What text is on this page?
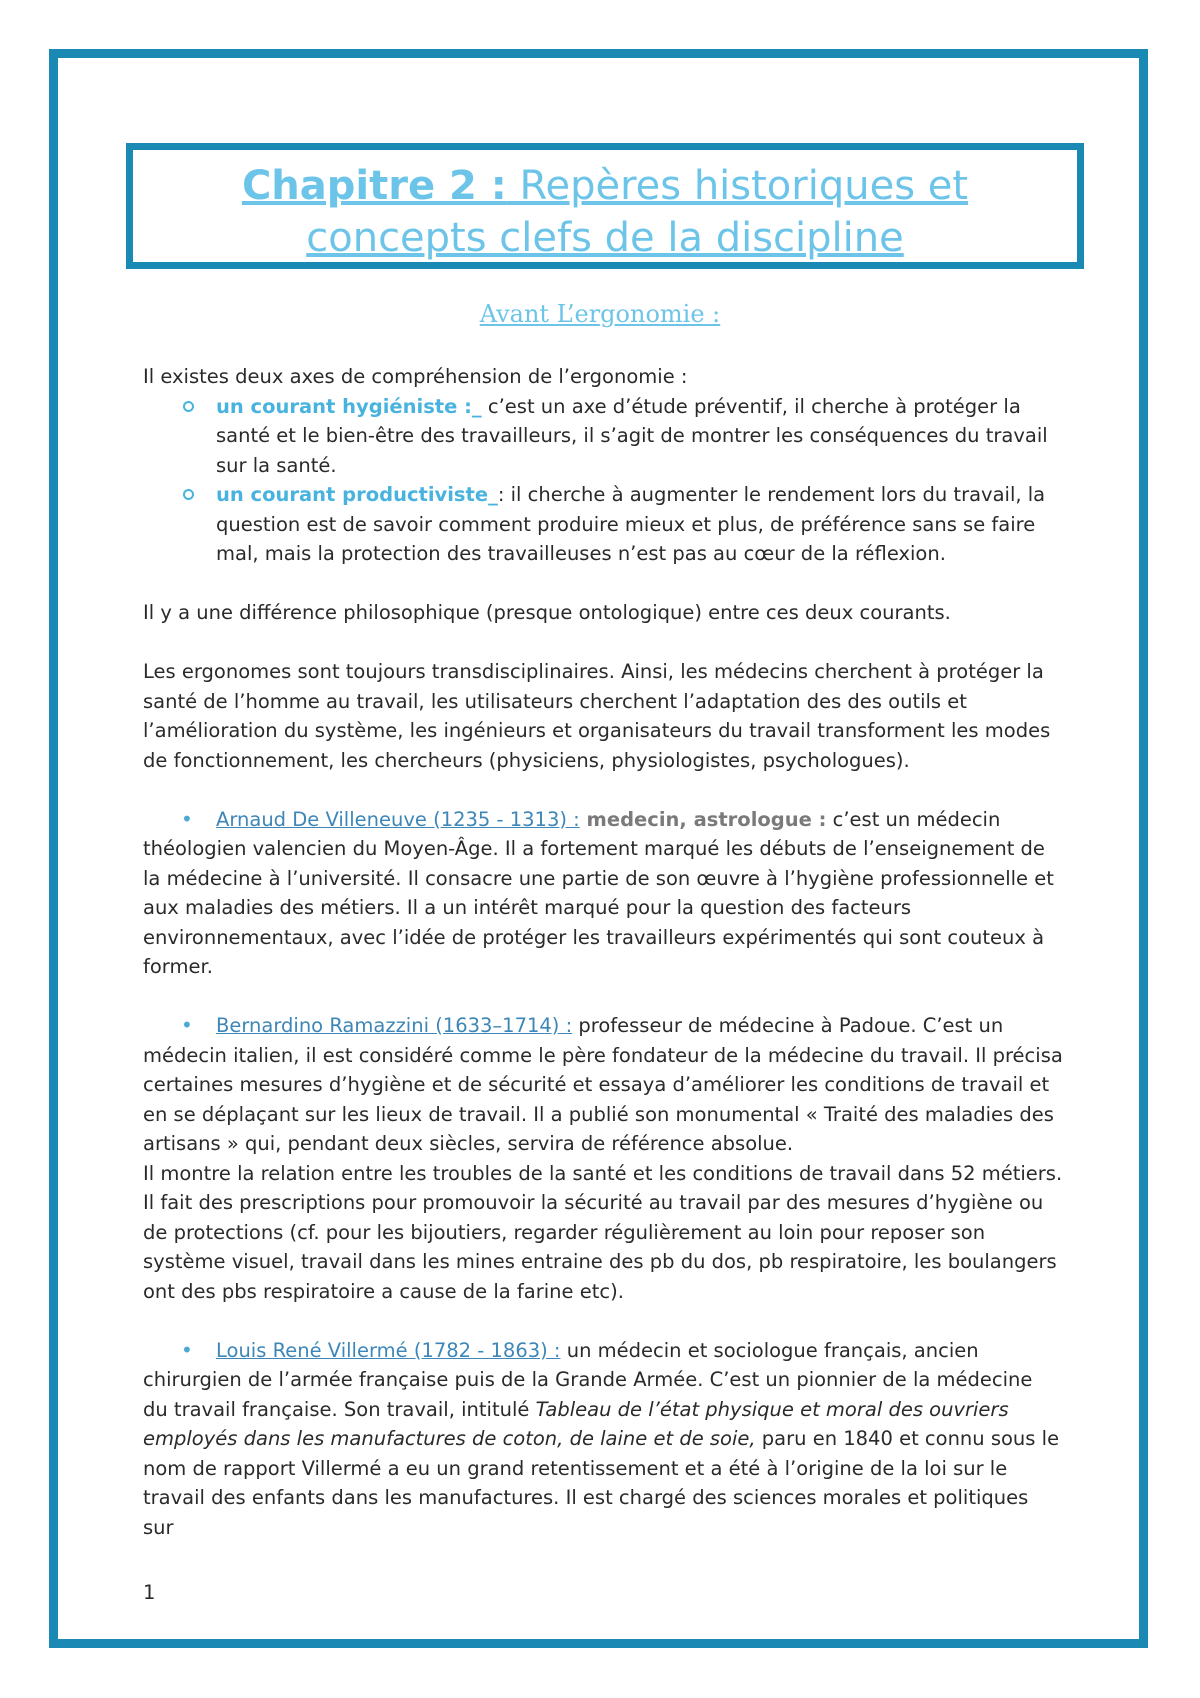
Chapitre 2 : Repères historiques et
concepts clefs de la discipline
Avant L’ergonomie :

Il existes deux axes de compréhension de l’ergonomie :

un courant hygiéniste :_ c’est un axe d’étude préventif, il cherche à protéger la santé et le bien-être des travailleurs, il s’agit de montrer les conséquences du travail sur la santé.
un courant productiviste_: il cherche à augmenter le rendement lors du travail, la question est de savoir comment produire mieux et plus, de préférence sans se faire mal, mais la protection des travailleuses n’est pas au cœur de la réflexion.

Il y a une différence philosophique (presque ontologique) entre ces deux courants.

Les ergonomes sont toujours transdisciplinaires. Ainsi, les médecins cherchent à protéger la santé de l’homme au travail, les utilisateurs cherchent l’adaptation des des outils et l’amélioration du système, les ingénieurs et organisateurs du travail transforment les modes de fonctionnement, les chercheurs (physiciens, physiologistes, psychologues).

• Arnaud De Villeneuve (1235 - 1313) : medecin, astrologue : c’est un médecin théologien valencien du Moyen-Âge. Il a fortement marqué les débuts de l’enseignement de la médecine à l’université. Il consacre une partie de son œuvre à l’hygiène professionnelle et aux maladies des métiers. Il a un intérêt marqué pour la question des facteurs environnementaux, avec l’idée de protéger les travailleurs expérimentés qui sont couteux à former.

• Bernardino Ramazzini (1633–1714) : professeur de médecine à Padoue. C’est un médecin italien, il est considéré comme le père fondateur de la médecine du travail. Il précisa certaines mesures d’hygiène et de sécurité et essaya d’améliorer les conditions de travail et en se déplaçant sur les lieux de travail. Il a publié son monumental « Traité des maladies des artisans » qui, pendant deux siècles, servira de référence absolue.

Il montre la relation entre les troubles de la santé et les conditions de travail dans 52 métiers. Il fait des prescriptions pour promouvoir la sécurité au travail par des mesures d’hygiène ou de protections (cf. pour les bijoutiers, regarder régulièrement au loin pour reposer son système visuel, travail dans les mines entraine des pb du dos, pb respiratoire, les boulangers ont des pbs respiratoire a cause de la farine etc).

• Louis René Villermé (1782 - 1863) : un médecin et sociologue français, ancien chirurgien de l’armée française puis de la Grande Armée. C’est un pionnier de la médecine du travail française. Son travail, intitulé Tableau de l’état physique et moral des ouvriers employés dans les manufactures de coton, de laine et de soie, paru en 1840 et connu sous le nom de rapport Villermé a eu un grand retentissement et a été à l’origine de la loi sur le travail des enfants dans les manufactures. Il est chargé des sciences morales et politiques sur

1
